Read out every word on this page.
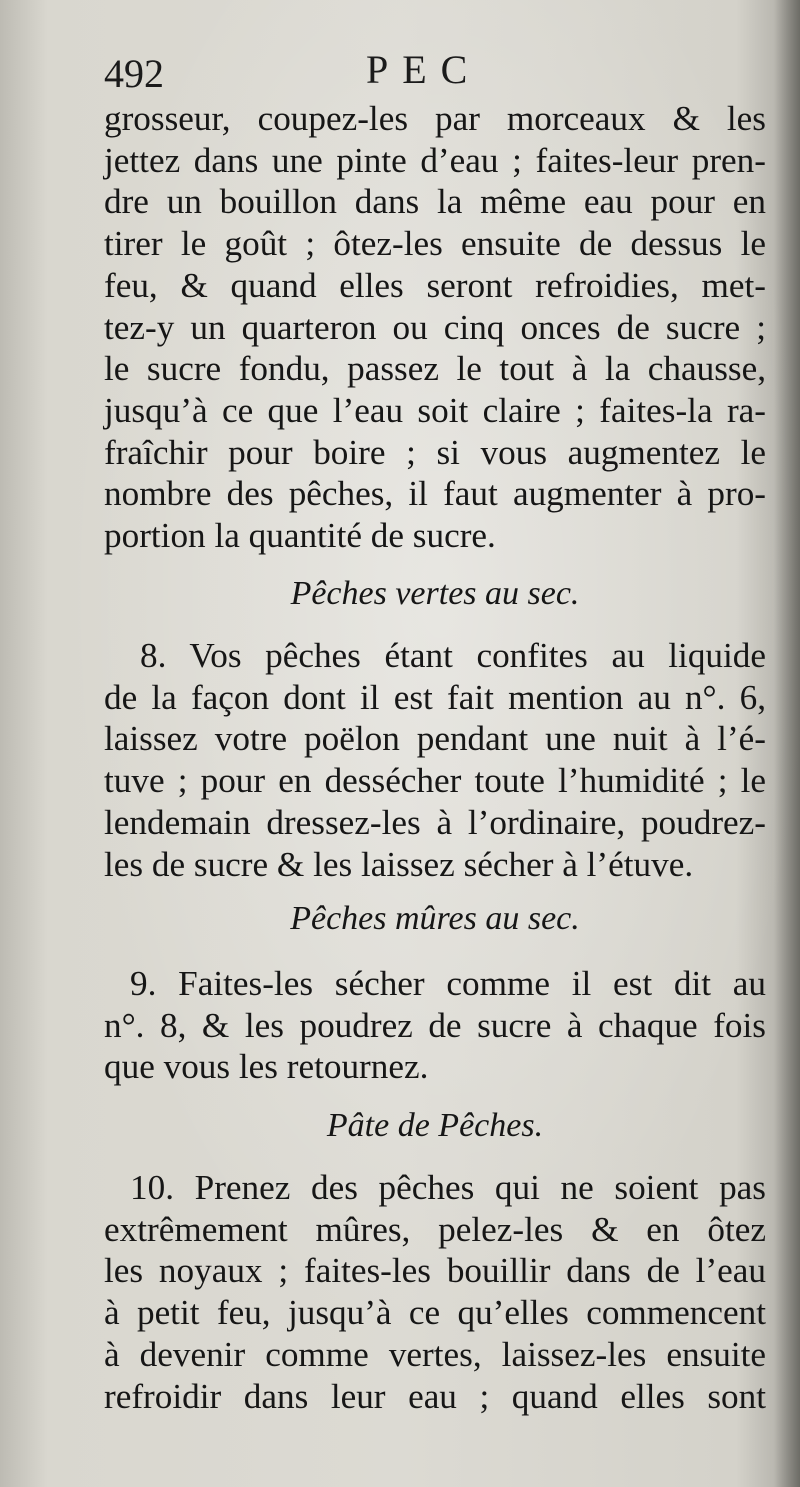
492	PEC
grosseur, coupez-les par morceaux & les
jettez dans une pinte d’eau ; faites-leur pren-
dre un bouillon dans la même eau pour en
tirer le goût ; ôtez-les ensuite de dessus le
feu, & quand elles seront refroidies, met-
tez-y un quarteron ou cinq onces de sucre ;
le sucre fondu, passez le tout à la chausse,
jusqu’à ce que l’eau soit claire ; faites-la ra-
fraîchir pour boire ; si vous augmentez le
nombre des pêches, il faut augmenter à pro-
portion la quantité de sucre.
Pêches vertes au sec.
8. Vos pêches étant confites au liquide
de la façon dont il est fait mention au n°. 6,
laissez votre poëlon pendant une nuit à l’é-
tuve ; pour en dessécher toute l’humidité ; le
lendemain dressez-les à l’ordinaire, poudrez-
les de sucre & les laissez sécher à l’étuve.
Pêches mûres au sec.
9. Faites-les sécher comme il est dit au
n°. 8, & les poudrez de sucre à chaque fois
que vous les retournez.
Pâte de Pêches.
10. Prenez des pêches qui ne soient pas
extrêmement mûres, pelez-les & en ôtez
les noyaux ; faites-les bouillir dans de l’eau
à petit feu, jusqu’à ce qu’elles commencent
à devenir comme vertes, laissez-les ensuite
refroidir dans leur eau ; quand elles sont
